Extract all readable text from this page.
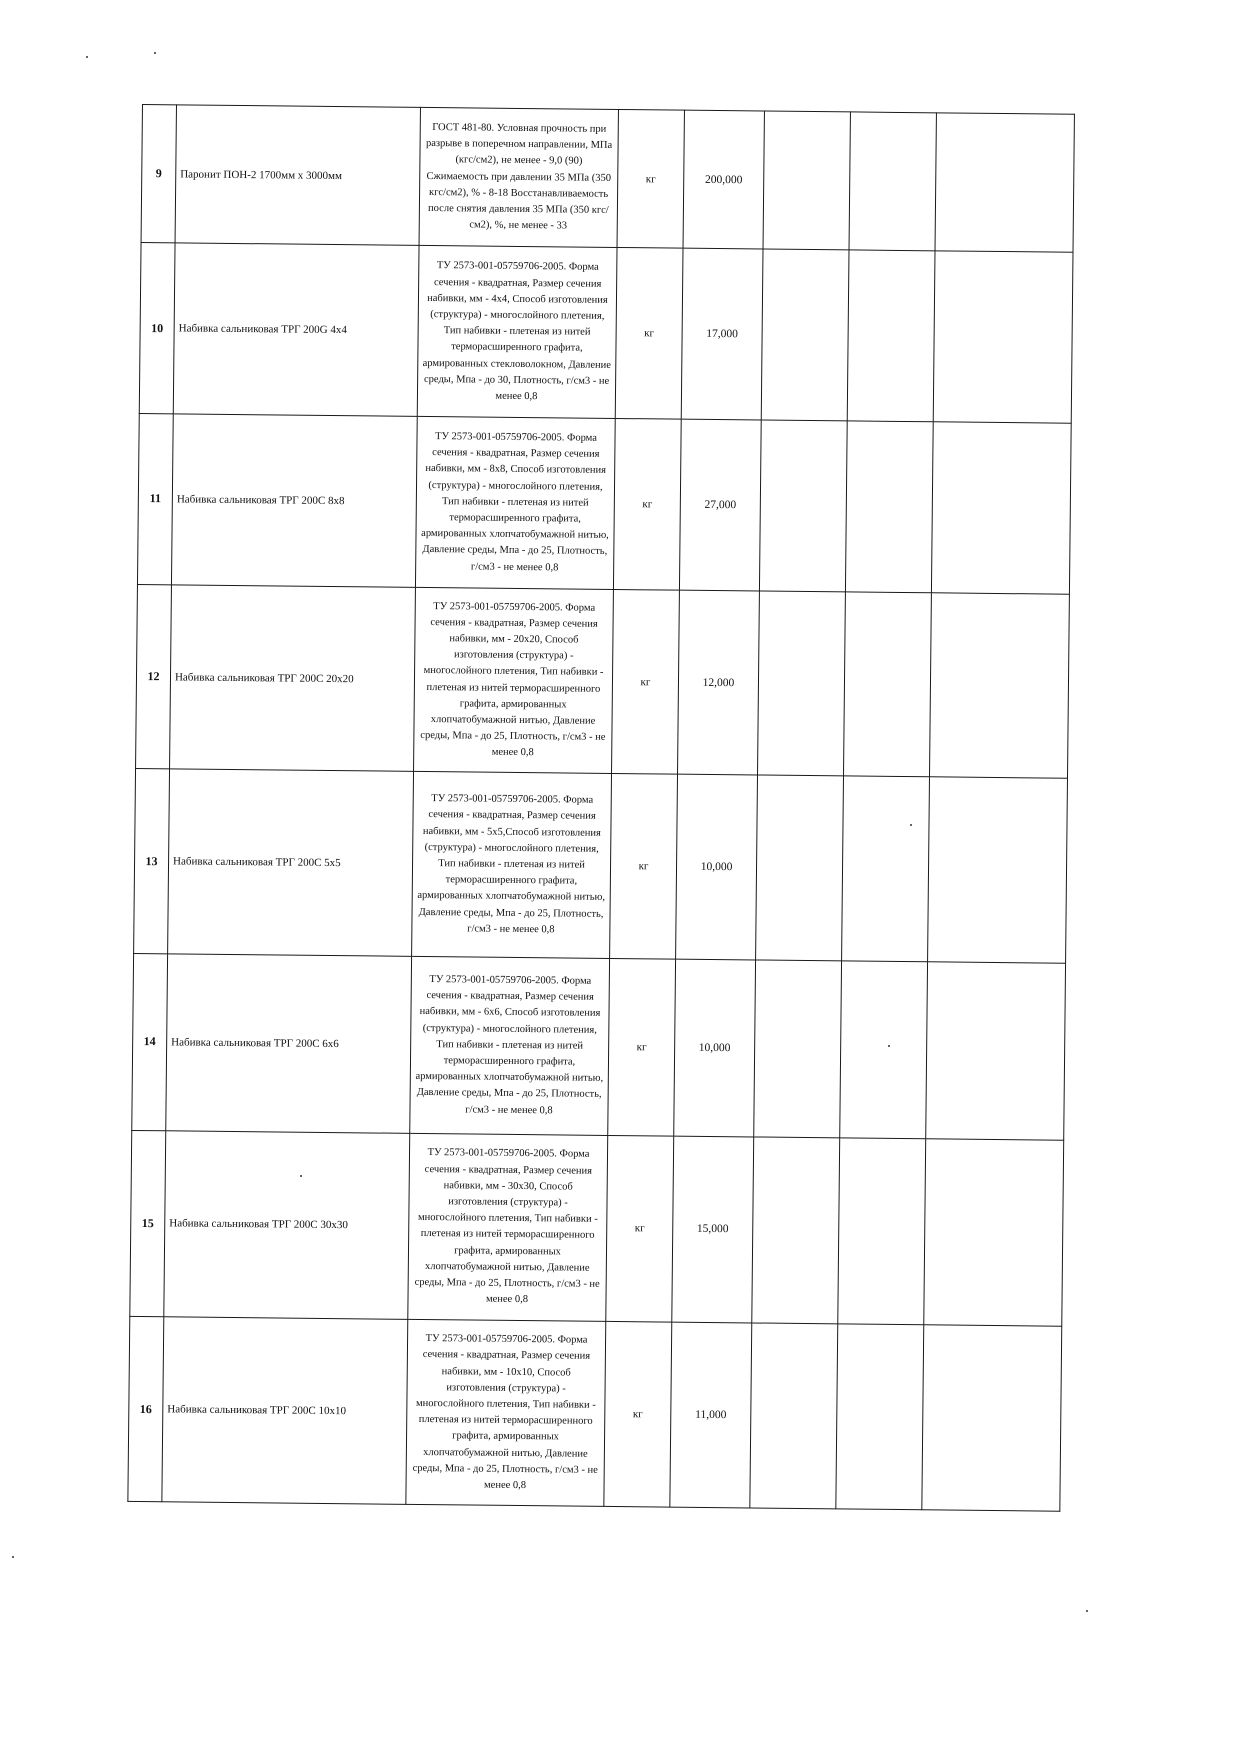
9	Паронит ПОН-2 1700мм х 3000мм	ГОСТ 481-80. Условная прочность при разрыве в поперечном направлении, МПа (кгс/см2), не менее - 9,0 (90) Сжимаемость при давлении 35 МПа (350 кгс/см2), % - 8-18 Восстанавливаемость после снятия давления 35 МПа (350 кгс/см2), %, не менее - 33	кг	200,000			
10	Набивка сальниковая ТРГ 200G 4х4	ТУ 2573-001-05759706-2005. Форма сечения - квадратная, Размер сечения набивки, мм - 4х4, Способ изготовления (структура) - многослойного плетения, Тип набивки - плетеная из нитей терморасширенного графита, армированных стекловолокном, Давление среды, Мпа - до 30, Плотность, г/см3 - не менее 0,8	кг	17,000			
11	Набивка сальниковая ТРГ 200С 8х8	ТУ 2573-001-05759706-2005. Форма сечения - квадратная, Размер сечения набивки, мм - 8х8, Способ изготовления (структура) - многослойного плетения, Тип набивки - плетеная из нитей терморасширенного графита, армированных хлопчатобумажной нитью, Давление среды, Мпа - до 25, Плотность, г/см3 - не менее 0,8	кг	27,000			
12	Набивка сальниковая ТРГ 200С 20х20	ТУ 2573-001-05759706-2005. Форма сечения - квадратная, Размер сечения набивки, мм - 20х20, Способ изготовления (структура) - многослойного плетения, Тип набивки - плетеная из нитей терморасширенного графита, армированных хлопчатобумажной нитью, Давление среды, Мпа - до 25, Плотность, г/см3 - не менее 0,8	кг	12,000			
13	Набивка сальниковая ТРГ 200С 5х5	ТУ 2573-001-05759706-2005. Форма сечения - квадратная, Размер сечения набивки, мм - 5х5,Способ изготовления (структура) - многослойного плетения, Тип набивки - плетеная из нитей терморасширенного графита, армированных хлопчатобумажной нитью, Давление среды, Мпа - до 25, Плотность, г/см3 - не менее 0,8	кг	10,000			
14	Набивка сальниковая ТРГ 200С 6х6	ТУ 2573-001-05759706-2005. Форма сечения - квадратная, Размер сечения набивки, мм - 6х6, Способ изготовления (структура) - многослойного плетения, Тип набивки - плетеная из нитей терморасширенного графита, армированных хлопчатобумажной нитью, Давление среды, Мпа - до 25, Плотность, г/см3 - не менее 0,8	кг	10,000			
15	Набивка сальниковая ТРГ 200С 30х30	ТУ 2573-001-05759706-2005. Форма сечения - квадратная, Размер сечения набивки, мм - 30х30, Способ изготовления (структура) - многослойного плетения, Тип набивки - плетеная из нитей терморасширенного графита, армированных хлопчатобумажной нитью, Давление среды, Мпа - до 25, Плотность, г/см3 - не менее 0,8	кг	15,000			
16	Набивка сальниковая ТРГ 200С 10х10	ТУ 2573-001-05759706-2005. Форма сечения - квадратная, Размер сечения набивки, мм - 10х10, Способ изготовления (структура) - многослойного плетения, Тип набивки - плетеная из нитей терморасширенного графита, армированных хлопчатобумажной нитью, Давление среды, Мпа - до 25, Плотность, г/см3 - не менее 0,8	кг	11,000			
